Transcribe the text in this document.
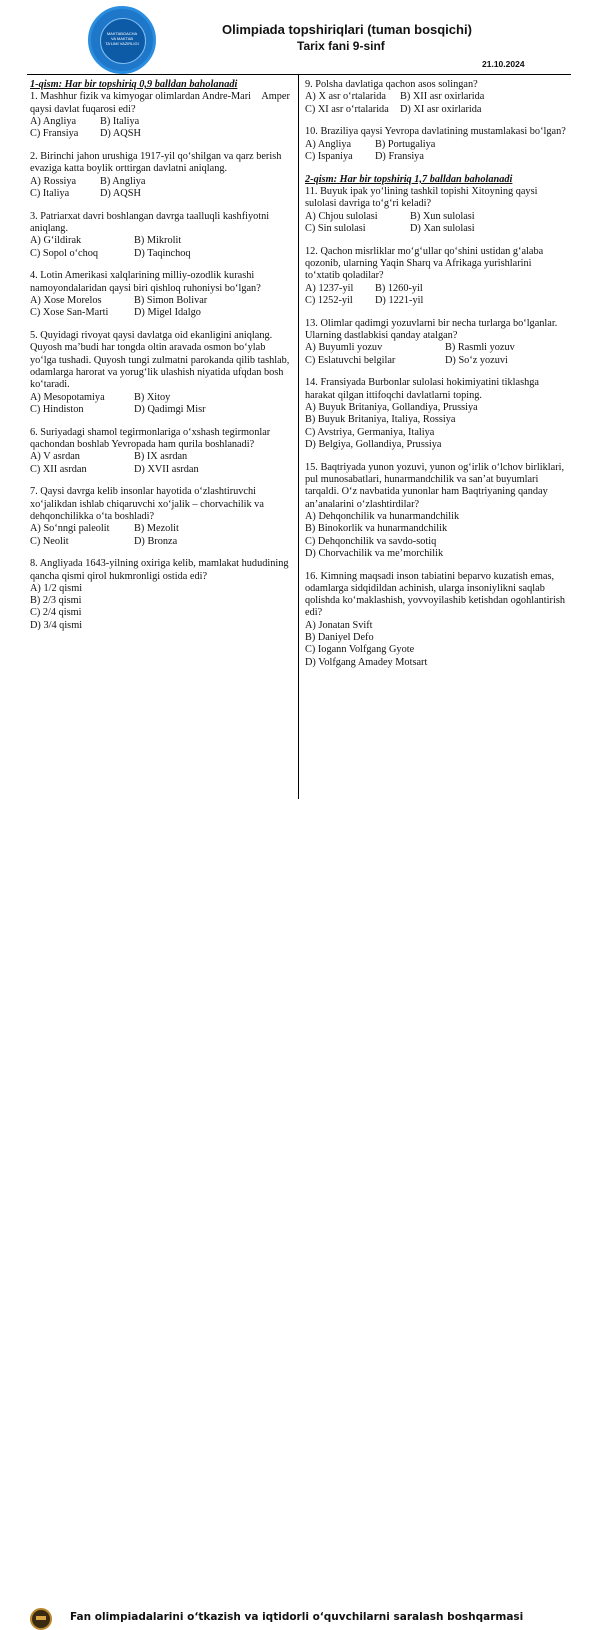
MAKTABGACHA
VA MAKTAB
TA'LIMI VAZIRLIGI
Olimpiada topshiriqlari (tuman bosqichi)
Tarix fani 9-sinf
21.10.2024
1-qism: Har bir topshiriq 0,9 balldan baholanadi
1. Mashhur fizik va kimyogar olimlardan Andre-Mari    Amper qaysi davlat fuqarosi edi?
A) Angliya	B) Italiya
C) Fransiya	D) AQSH
2. Birinchi jahon urushiga 1917-yil qo‘shilgan va qarz berish evaziga katta boylik orttirgan davlatni aniqlang.
A) Rossiya	B) Angliya
C) Italiya	D) AQSH
3. Patriarxat davri boshlangan davrga taalluqli kashfiyotni aniqlang.
A) G‘ildirak	B) Mikrolit
C) Sopol o‘choq	D) Taqinchoq
4. Lotin Amerikasi xalqlarining milliy-ozodlik kurashi namoyondalaridan qaysi biri qishloq ruhoniysi bo‘lgan?
A) Xose Morelos	B) Simon Bolivar
C) Xose San-Marti	D) Migel Idalgo
5. Quyidagi rivoyat qaysi davlatga oid ekanligini aniqlang. Quyosh ma’budi har tongda oltin aravada osmon bo‘ylab yo‘lga tushadi. Quyosh tungi zulmatni parokanda qilib tashlab, odamlarga harorat va yorug‘lik ulashish niyatida ufqdan bosh ko‘taradi.
A) Mesopotamiya	B) Xitoy
C) Hindiston	D) Qadimgi Misr
6. Suriyadagi shamol tegirmonlariga o‘xshash tegirmonlar qachondan boshlab Yevropada ham qurila boshlanadi?
A) V asrdan	B) IX asrdan
C) XII asrdan	D) XVII asrdan
7. Qaysi davrga kelib insonlar hayotida o‘zlashtiruvchi xo‘jalikdan ishlab chiqaruvchi xo‘jalik – chorvachilik va dehqonchilikka o‘ta boshladi?
A) So‘nngi paleolit	B) Mezolit
C) Neolit	D) Bronza
8. Angliyada 1643-yilning oxiriga kelib, mamlakat hududining qancha qismi qirol hukmronligi ostida edi?
A) 1/2 qismi
B) 2/3 qismi
C) 2/4 qismi
D) 3/4 qismi
9. Polsha davlatiga qachon asos solingan?
A) X asr o‘rtalarida	B) XII asr oxirlarida
C) XI asr o‘rtalarida	D) XI asr oxirlarida
10. Braziliya qaysi Yevropa davlatining mustamlakasi bo‘lgan?
A) Angliya	B) Portugaliya
C) Ispaniya	D) Fransiya
2-qism: Har bir topshiriq 1,7 balldan baholanadi
11. Buyuk ipak yo‘lining tashkil topishi Xitoyning qaysi sulolasi davriga to‘g‘ri keladi?
A) Chjou sulolasi	B) Xun sulolasi
C) Sin sulolasi	D) Xan sulolasi
12. Qachon misrliklar mo‘g‘ullar qo‘shini ustidan g‘alaba qozonib, ularning Yaqin Sharq va Afrikaga yurishlarini to‘xtatib qoladilar?
A) 1237-yil	B) 1260-yil
C) 1252-yil	D) 1221-yil
13. Olimlar qadimgi yozuvlarni bir necha turlarga bo‘lganlar. Ularning dastlabkisi qanday atalgan?
A) Buyumli yozuv	B) Rasmli yozuv
C) Eslatuvchi belgilar	D) So‘z yozuvi
14. Fransiyada Burbonlar sulolasi hokimiyatini tiklashga harakat qilgan ittifoqchi davlatlarni toping.
A) Buyuk Britaniya, Gollandiya, Prussiya
B) Buyuk Britaniya, Italiya, Rossiya
C) Avstriya, Germaniya, Italiya
D) Belgiya, Gollandiya, Prussiya
15. Baqtriyada yunon yozuvi, yunon og‘irlik o‘lchov birliklari, pul munosabatlari, hunarmandchilik va san’at buyumlari tarqaldi. O‘z navbatida yunonlar ham Baqtriyaning qanday an’analarini o‘zlashtirdilar?
A) Dehqonchilik va hunarmandchilik
B) Binokorlik va hunarmandchilik
C) Dehqonchilik va savdo-sotiq
D) Chorvachilik va me’morchilik
16. Kimning maqsadi inson tabiatini beparvo kuzatish emas, odamlarga sidqidildan achinish, ularga insoniylikni saqlab qolishda ko‘maklashish, yovvoyilashib ketishdan ogohlantirish edi?
A) Jonatan Svift
B) Daniyel Defo
C) Iogann Volfgang Gyote
D) Volfgang Amadey Motsart
Fan olimpiadalarini o‘tkazish va iqtidorli o‘quvchilarni saralash boshqarmasi
